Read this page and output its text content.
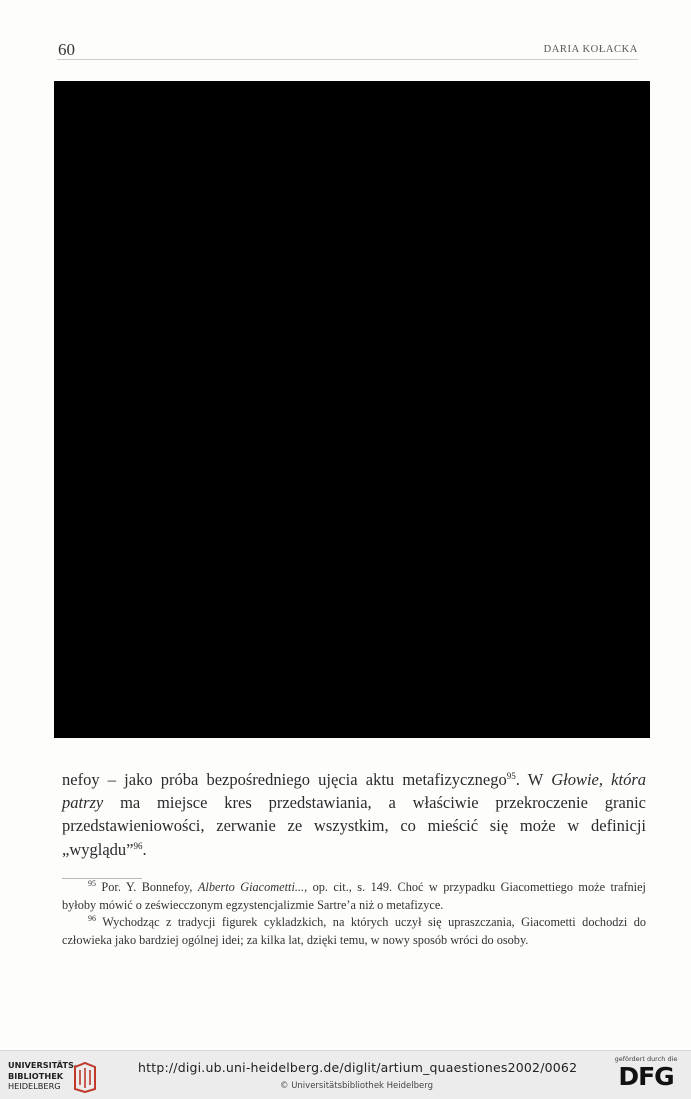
60	DARIA KOŁACKA

nefoy – jako próba bezpośredniego ujęcia aktu metafizycznego$^{95}$. W Głowie, która patrzy ma miejsce kres przedstawiania, a właściwie przekroczenie granic przedstawieniowości, zerwanie ze wszystkim, co mieścić się może w definicji „wyglądu”$^{96}$.

$^{95}$ Por. Y. Bonnefoy, Alberto Giacometti..., op. cit., s. 149. Choć w przypadku Giacomettiego może trafniej byłoby mówić o zeświecczonym egzystencjalizmie Sartre’a niż o metafizyce.

$^{96}$ Wychodząc z tradycji figurek cykladzkich, na których uczył się upraszczania, Giacometti dochodzi do człowieka jako bardziej ogólnej idei; za kilka lat, dzięki temu, w nowy sposób wróci do osoby.

UNIVERSITÄTS-
BIBLIOTHEK
HEIDELBERG
http://digi.ub.uni-heidelberg.de/diglit/artium_quaestiones2002/0062
© Universitätsbibliothek Heidelberg
gefördert durch die
DFG
